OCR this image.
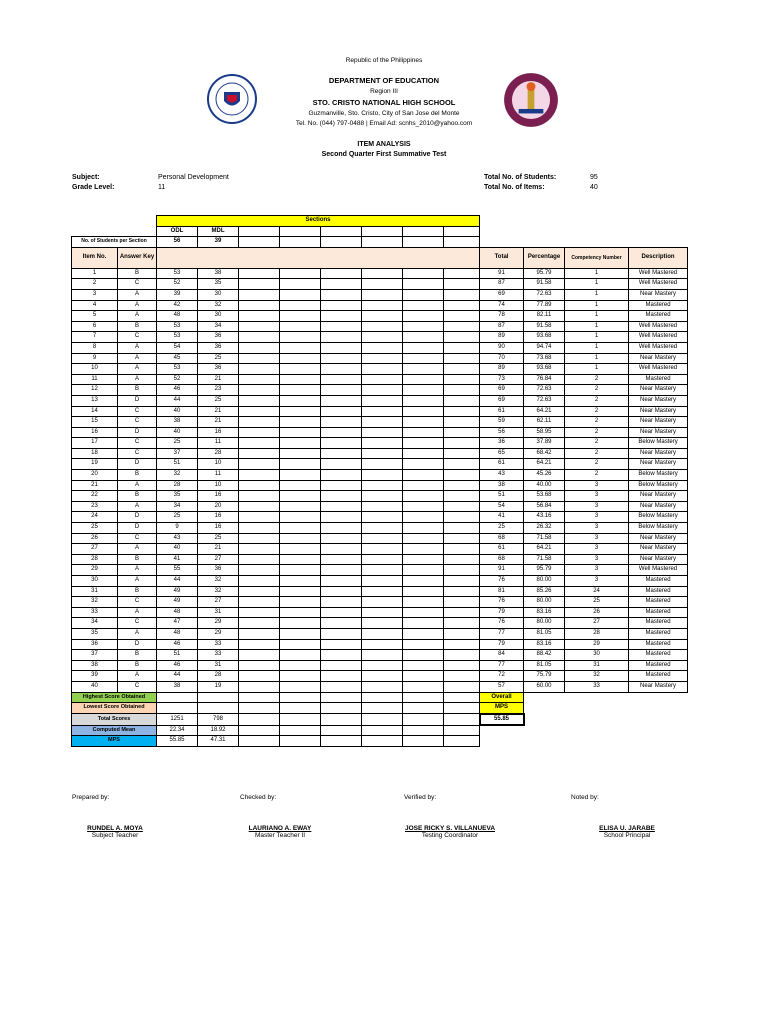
Republic of the Philippines
DEPARTMENT OF EDUCATION
Region III
STO. CRISTO NATIONAL HIGH SCHOOL
Guzmanville, Sto. Cristo, City of San Jose del Monte
Tel. No. (044) 797-0488 | Email Ad: scnhs_2010@yahoo.com
ITEM ANALYSIS
Second Quarter First Summative Test
Subject:	Personal Development
Grade Level:	11
Total No. of Students:	95
Total No. of Items:	40
		Sections											
		ODL	MDL										
No. of Students per Section		56	39										
Item No.	Answer Key									Total	Percentage	Competency Number	Description
1	B	53	38							91	95.79	1	Well Mastered
2	C	52	35							87	91.58	1	Well Mastered
3	A	39	30							69	72.63	1	Near Mastery
4	A	42	32							74	77.89	1	Mastered
5	A	48	30							78	82.11	1	Mastered
6	B	53	34							87	91.58	1	Well Mastered
7	C	53	36							89	93.68	1	Well Mastered
8	A	54	36							90	94.74	1	Well Mastered
9	A	45	25							70	73.68	1	Near Mastery
10	A	53	36							89	93.68	1	Well Mastered
11	A	52	21							73	76.84	2	Mastered
12	B	46	23							69	72.63	2	Near Mastery
13	D	44	25							69	72.63	2	Near Mastery
14	C	40	21							61	64.21	2	Near Mastery
15	C	38	21							59	62.11	2	Near Mastery
16	D	40	16							56	58.95	2	Near Mastery
17	C	25	11							36	37.89	2	Below Mastery
18	C	37	28							65	68.42	2	Near Mastery
19	D	51	10							61	64.21	2	Near Mastery
20	B	32	11							43	45.26	2	Below Mastery
21	A	28	10							38	40.00	3	Below Mastery
22	B	35	16							51	53.68	3	Near Mastery
23	A	34	20							54	56.84	3	Near Mastery
24	D	25	16							41	43.16	3	Below Mastery
25	D	9	16							25	26.32	3	Below Mastery
26	C	43	25							68	71.58	3	Near Mastery
27	A	40	21							61	64.21	3	Near Mastery
28	B	41	27							68	71.58	3	Near Mastery
29	A	55	36							91	95.79	3	Well Mastered
30	A	44	32							76	80.00	3	Mastered
31	B	49	32							81	85.26	24	Mastered
32	C	49	27							76	80.00	25	Mastered
33	A	48	31							79	83.16	26	Mastered
34	C	47	29							76	80.00	27	Mastered
35	A	48	29							77	81.05	28	Mastered
36	D	46	33							79	83.16	29	Mastered
37	B	51	33							84	88.42	30	Mastered
38	B	46	31							77	81.05	31	Mastered
39	A	44	28							72	75.79	32	Mastered
40	C	38	19							57	60.00	33	Near Mastery
Highest Score Obtained										Overall			
Lowest Score Obtained										MPS			
Total Scores		1251	798							55.85			
Computed Mean		22.34	18.92										
MPS		55.85	47.31										
Prepared by:	Checked by:	Verified by:	Noted by:
RUNDEL A. MOYA
Subject Teacher
LAURIANO A. EWAY
Master Teacher II
JOSE RICKY S. VILLANUEVA
Testing Coordinator
ELISA U. JARABE
School Principal
